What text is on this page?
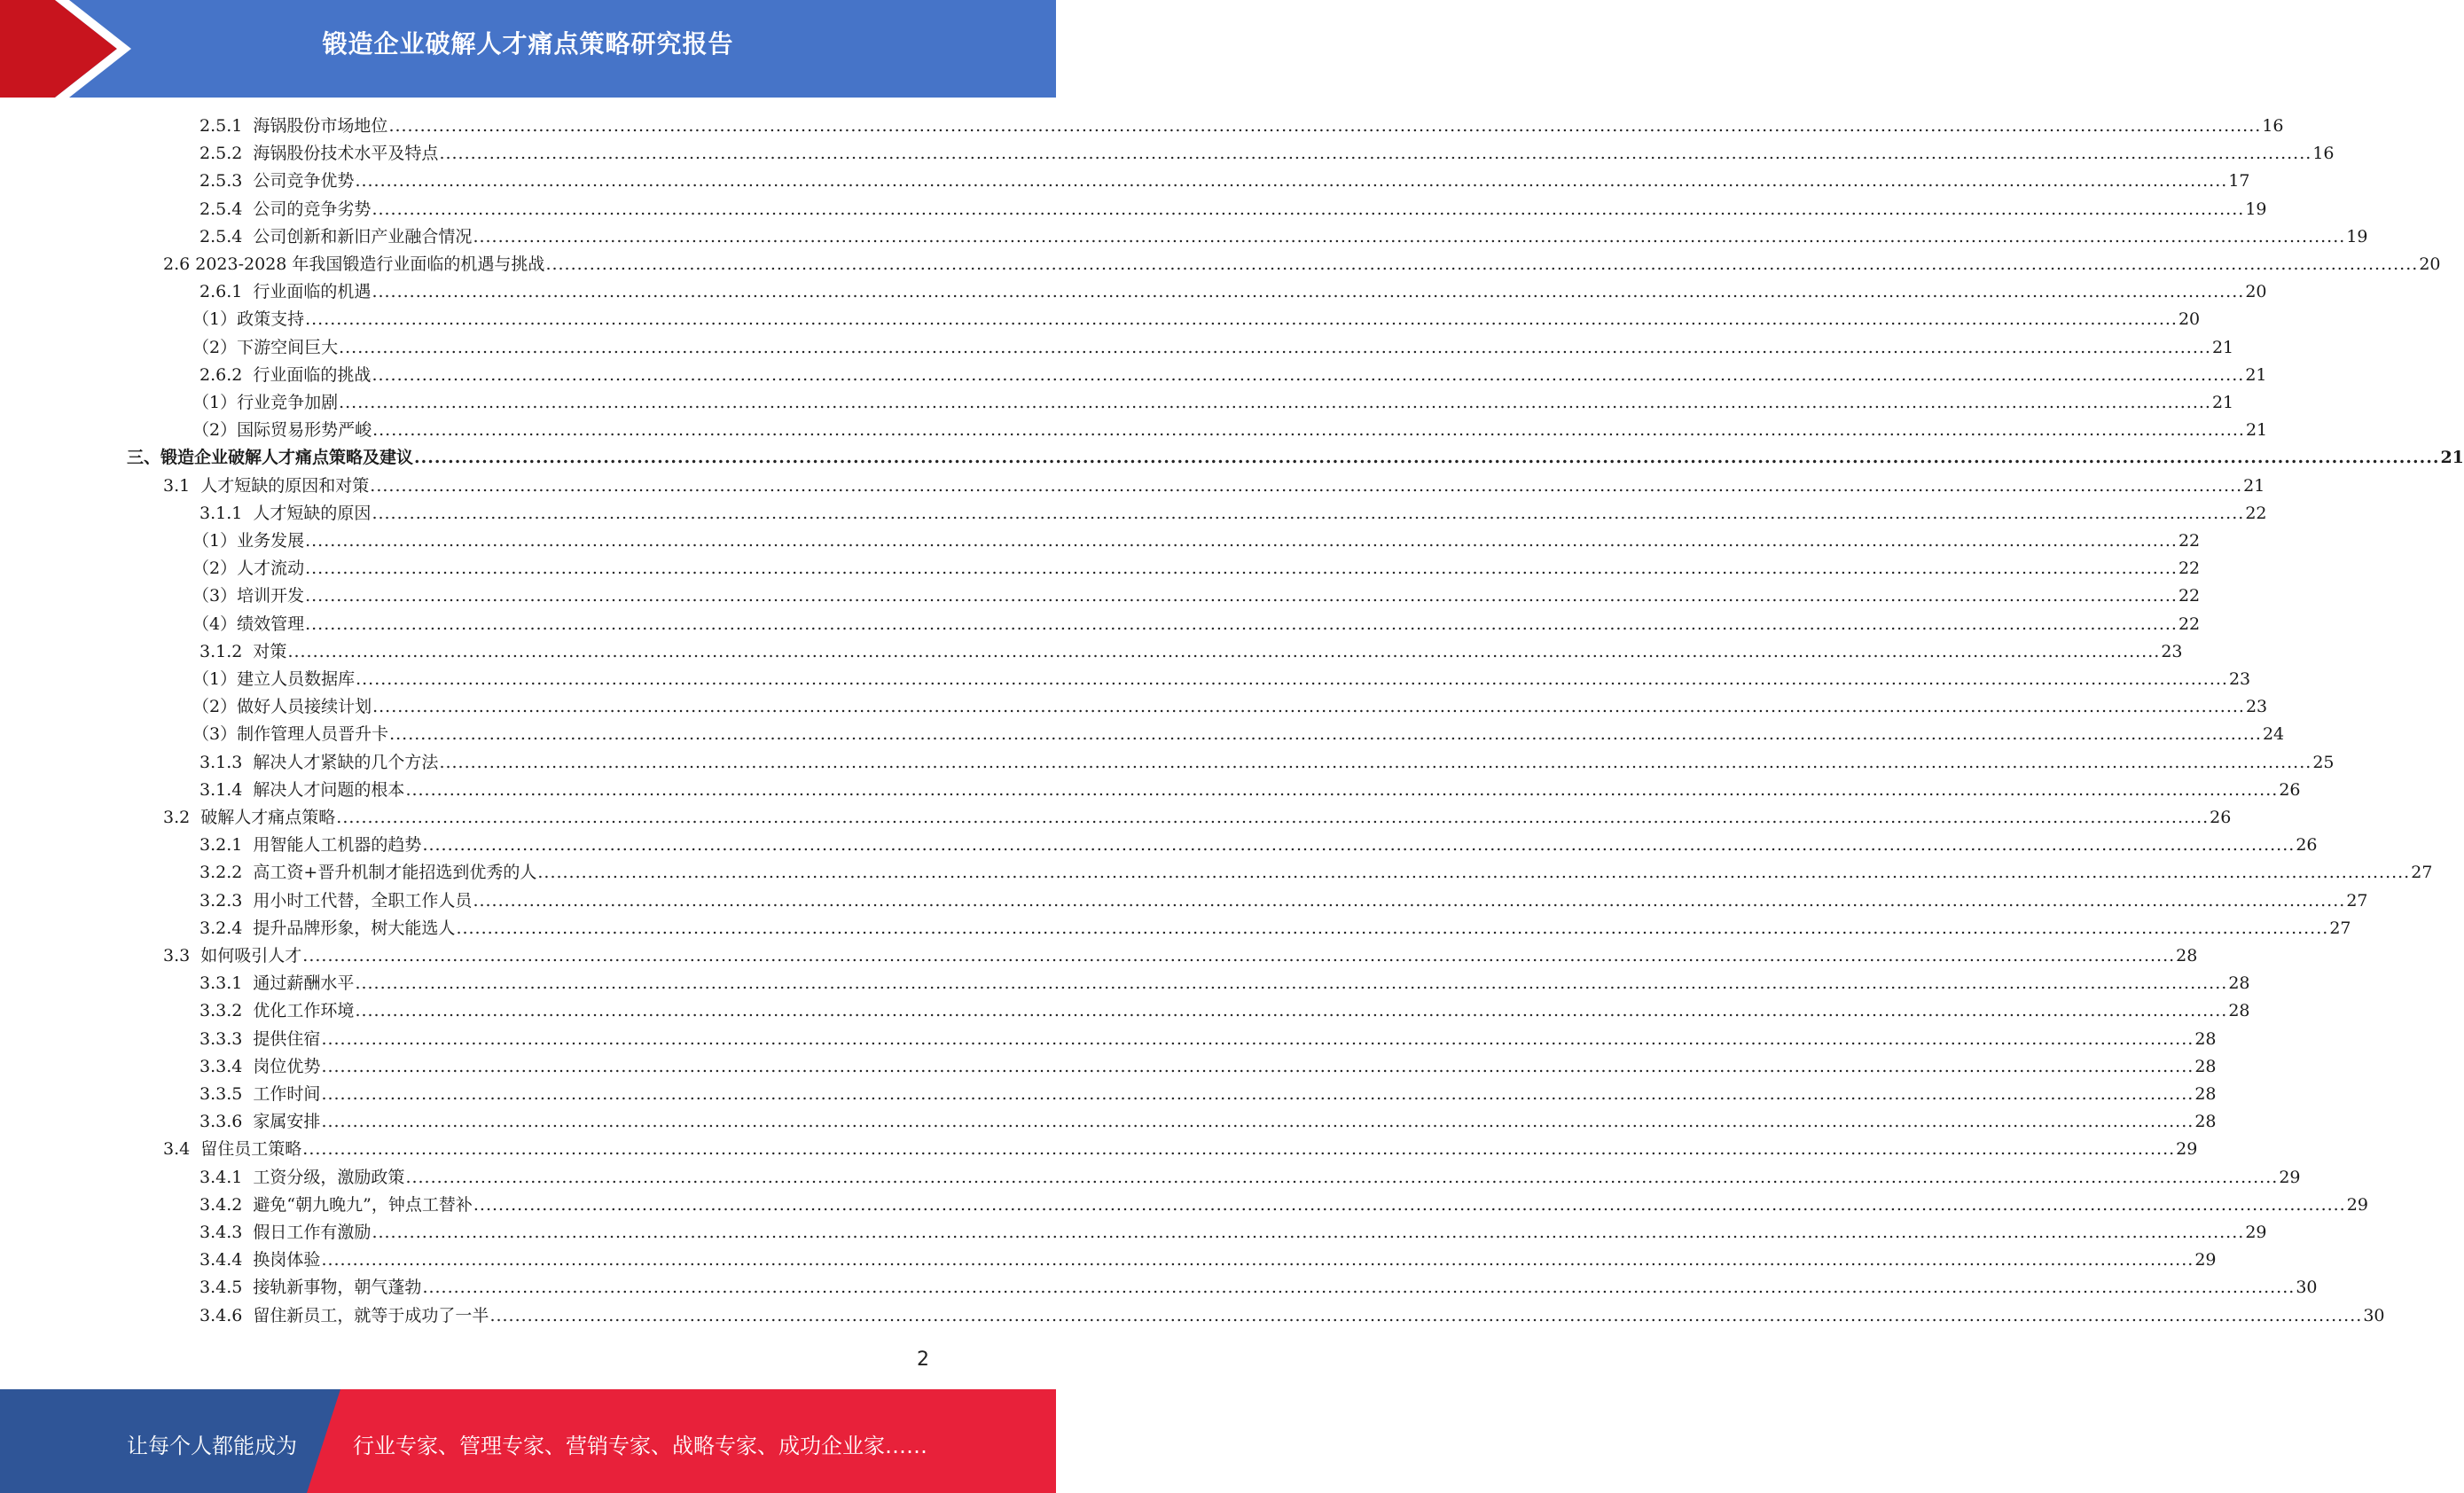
锻造企业破解人才痛点策略研究报告
2.5.1  海锅股份市场地位 ............................................................................................................................................................................................................................................................................................................ 16
2.5.2  海锅股份技术水平及特点 ............................................................................................................................................................................................................................................................................................................ 16
2.5.3  公司竞争优势 ............................................................................................................................................................................................................................................................................................................ 17
2.5.4  公司的竞争劣势 ............................................................................................................................................................................................................................................................................................................ 19
2.5.4  公司创新和新旧产业融合情况 ............................................................................................................................................................................................................................................................................................................ 19
2.6 2023-2028 年我国锻造行业面临的机遇与挑战 ............................................................................................................................................................................................................................................................................................................ 20
2.6.1  行业面临的机遇 ............................................................................................................................................................................................................................................................................................................ 20
（1）政策支持 ............................................................................................................................................................................................................................................................................................................ 20
（2）下游空间巨大 ............................................................................................................................................................................................................................................................................................................ 21
2.6.2  行业面临的挑战 ............................................................................................................................................................................................................................................................................................................ 21
（1）行业竞争加剧 ............................................................................................................................................................................................................................................................................................................ 21
（2）国际贸易形势严峻 ............................................................................................................................................................................................................................................................................................................ 21
三、锻造企业破解人才痛点策略及建议 ............................................................................................................................................................................................................................................................................................................ 21
3.1  人才短缺的原因和对策 ............................................................................................................................................................................................................................................................................................................ 21
3.1.1  人才短缺的原因 ............................................................................................................................................................................................................................................................................................................ 22
（1）业务发展 ............................................................................................................................................................................................................................................................................................................ 22
（2）人才流动 ............................................................................................................................................................................................................................................................................................................ 22
（3）培训开发 ............................................................................................................................................................................................................................................................................................................ 22
（4）绩效管理 ............................................................................................................................................................................................................................................................................................................ 22
3.1.2  对策 ............................................................................................................................................................................................................................................................................................................ 23
（1）建立人员数据库 ............................................................................................................................................................................................................................................................................................................ 23
（2）做好人员接续计划 ............................................................................................................................................................................................................................................................................................................ 23
（3）制作管理人员晋升卡 ............................................................................................................................................................................................................................................................................................................ 24
3.1.3  解决人才紧缺的几个方法 ............................................................................................................................................................................................................................................................................................................ 25
3.1.4  解决人才问题的根本 ............................................................................................................................................................................................................................................................................................................ 26
3.2  破解人才痛点策略 ............................................................................................................................................................................................................................................................................................................ 26
3.2.1  用智能人工机器的趋势 ............................................................................................................................................................................................................................................................................................................ 26
3.2.2  高工资+晋升机制才能招选到优秀的人 ............................................................................................................................................................................................................................................................................................................ 27
3.2.3  用小时工代替，全职工作人员 ............................................................................................................................................................................................................................................................................................................ 27
3.2.4  提升品牌形象，树大能选人 ............................................................................................................................................................................................................................................................................................................ 27
3.3  如何吸引人才 ............................................................................................................................................................................................................................................................................................................ 28
3.3.1  通过薪酬水平 ............................................................................................................................................................................................................................................................................................................ 28
3.3.2  优化工作环境 ............................................................................................................................................................................................................................................................................................................ 28
3.3.3  提供住宿 ............................................................................................................................................................................................................................................................................................................ 28
3.3.4  岗位优势 ............................................................................................................................................................................................................................................................................................................ 28
3.3.5  工作时间 ............................................................................................................................................................................................................................................................................................................ 28
3.3.6  家属安排 ............................................................................................................................................................................................................................................................................................................ 28
3.4  留住员工策略 ............................................................................................................................................................................................................................................................................................................ 29
3.4.1  工资分级，激励政策 ............................................................................................................................................................................................................................................................................................................ 29
3.4.2  避免“朝九晚九”，钟点工替补 ............................................................................................................................................................................................................................................................................................................ 29
3.4.3  假日工作有激励 ............................................................................................................................................................................................................................................................................................................ 29
3.4.4  换岗体验 ............................................................................................................................................................................................................................................................................................................ 29
3.4.5  接轨新事物，朝气蓬勃 ............................................................................................................................................................................................................................................................................................................ 30
3.4.6  留住新员工，就等于成功了一半 ............................................................................................................................................................................................................................................................................................................ 30
2
让每个人都能成为	行业专家、管理专家、营销专家、战略专家、成功企业家……
